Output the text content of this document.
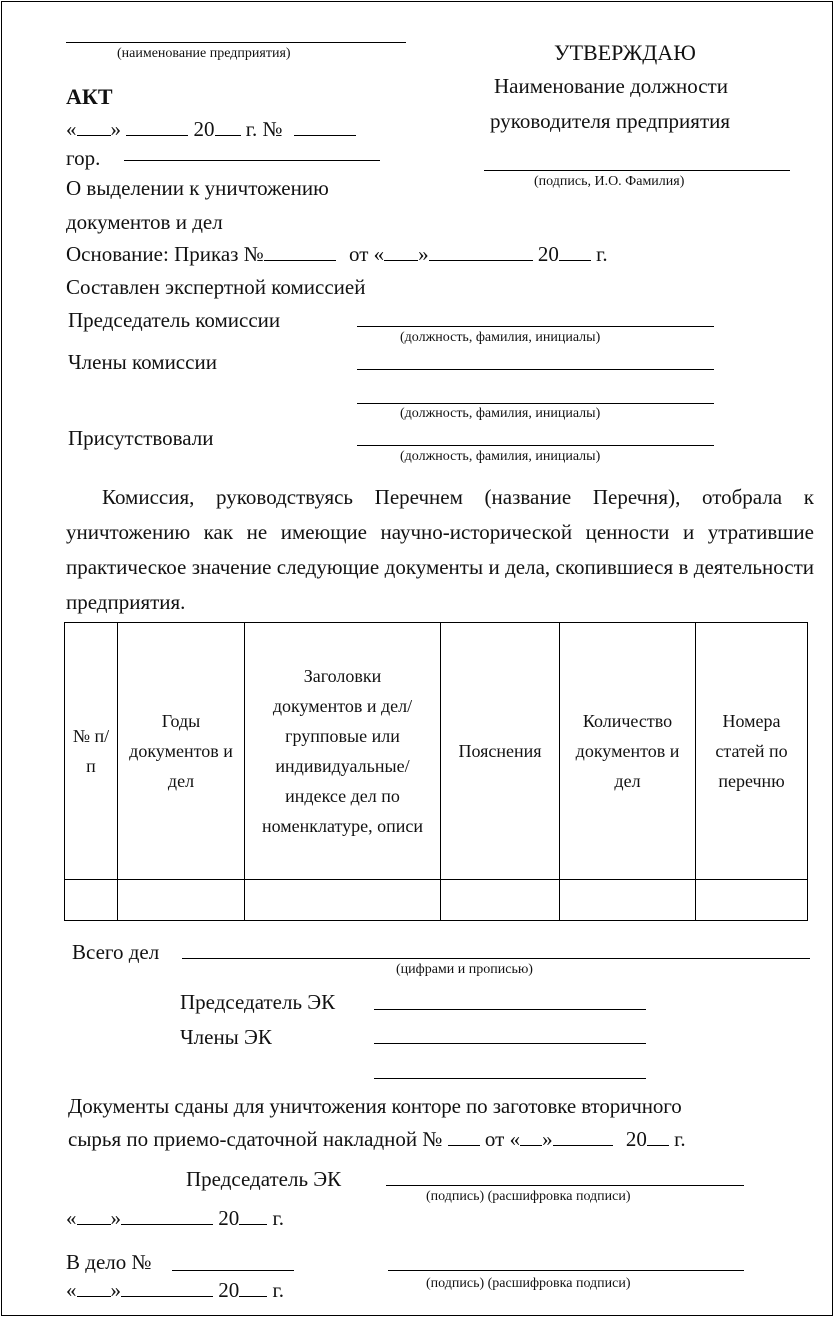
(наименование предприятия)	УТВЕРЖДАЮ
Наименование должности
руководителя предприятия
(подпись, И.О. Фамилия)
АКТ
« »	20 г. №
гор.
О выделении к уничтожению
документов и дел
Основание: Приказ №	от « »	20 г.
Составлен экспертной комиссией
Председатель комиссии
(должность, фамилия, инициалы)
Члены комиссии
(должность, фамилия, инициалы)
Присутствовали
(должность, фамилия, инициалы)
Комиссия, руководствуясь Перечнем (название Перечня), отобрала к уничтожению как не имеющие научно-исторической ценности и утратившие практическое значение следующие документы и дела, скопившиеся в деятельности предприятия.
№ п/п	Годы документов и дел	Заголовки документов и дел/групповые или индивидуальные/ индексе дел по номенклатуре, описи	Пояснения	Количество документов и дел	Номера статей по перечню

Всего дел
(цифрами и прописью)
Председатель ЭК
Члены ЭК
Документы сданы для уничтожения конторе по заготовке вторичного
сырья по приемо-сдаточной накладной № от « »	20 г.
Председатель ЭК
(подпись) (расшифровка подписи)
« »	20 г.
В дело №
« »	20 г.	(подпись) (расшифровка подписи)
